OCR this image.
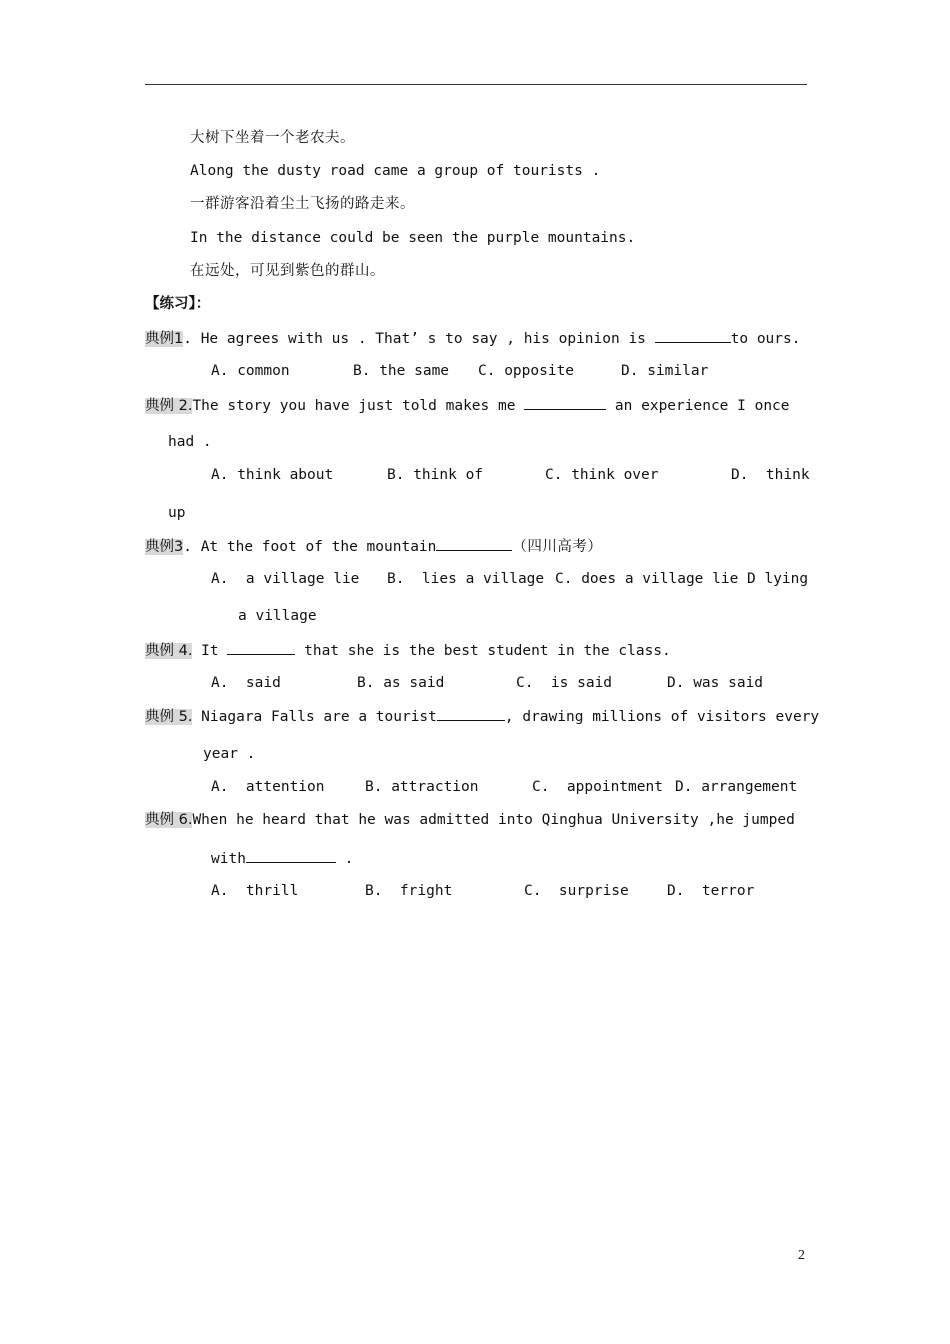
大树下坐着一个老农夫。
Along the dusty road came a group of tourists .
一群游客沿着尘土飞扬的路走来。
In the distance could be seen the purple mountains.
在远处，可见到紫色的群山。
【练习】：
典例1. He agrees with us . That’ s to say , his opinion is	to ours.
A. common	B. the same C. opposite	D. similar
典例 2.The story you have just told makes me	an experience I once
had .
A. think about	B. think of	C. think over	D.  think
up
典例3. At the foot of the mountain	（四川高考）
A.  a village lie B.  lies a village C. does a village lie D lying
a village
典例 4. It	that she is the best student in the class.
A.  said	B. as said	C.  is said	D. was said
典例 5. Niagara Falls are a tourist	, drawing millions of visitors every
year .
A.  attention	B. attraction	C.  appointment D. arrangement
典例 6.When he heard that he was admitted into Qinghua University ,he jumped
with	.
A.  thrill	B.  fright	C.  surprise	D.  terror
2
